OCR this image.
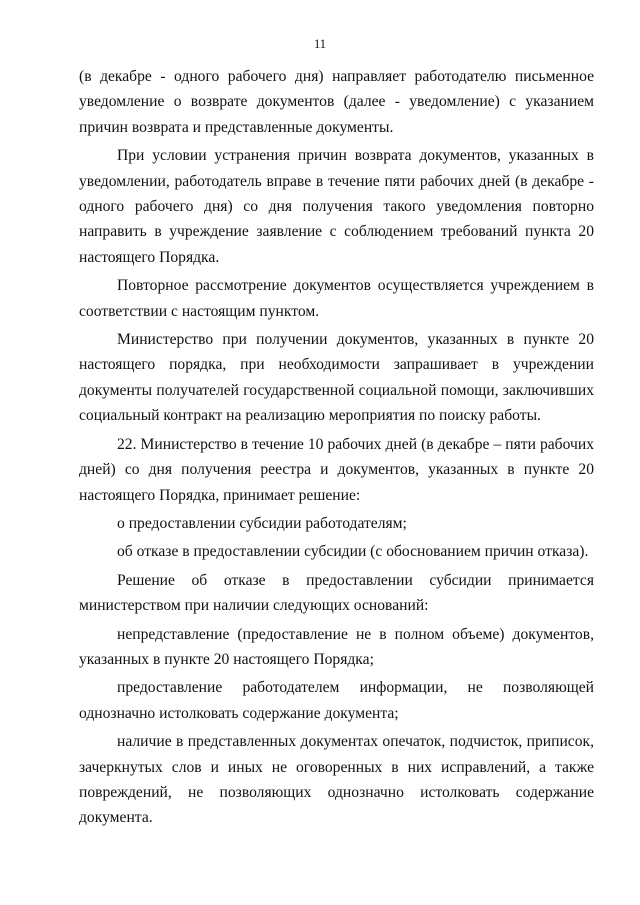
11

(в декабре - одного рабочего дня) направляет работодателю письменное уведомление о возврате документов (далее - уведомление) с указанием причин возврата и представленные документы.

При условии устранения причин возврата документов, указанных в уведомлении, работодатель вправе в течение пяти рабочих дней (в декабре - одного рабочего дня) со дня получения такого уведомления повторно направить в учреждение заявление с соблюдением требований пункта 20 настоящего Порядка.

Повторное рассмотрение документов осуществляется учреждением в соответствии с настоящим пунктом.

Министерство при получении документов, указанных в пункте 20 настоящего порядка, при необходимости запрашивает в учреждении документы получателей государственной социальной помощи, заключивших социальный контракт на реализацию мероприятия по поиску работы.

22. Министерство в течение 10 рабочих дней (в декабре – пяти рабочих дней) со дня получения реестра и документов, указанных в пункте 20 настоящего Порядка, принимает решение:

о предоставлении субсидии работодателям;

об отказе в предоставлении субсидии (с обоснованием причин отказа).

Решение об отказе в предоставлении субсидии принимается министерством при наличии следующих оснований:

непредставление (предоставление не в полном объеме) документов, указанных в пункте 20 настоящего Порядка;

предоставление работодателем информации, не позволяющей однозначно истолковать содержание документа;

наличие в представленных документах опечаток, подчисток, приписок, зачеркнутых слов и иных не оговоренных в них исправлений, а также повреждений, не позволяющих однозначно истолковать содержание документа.
